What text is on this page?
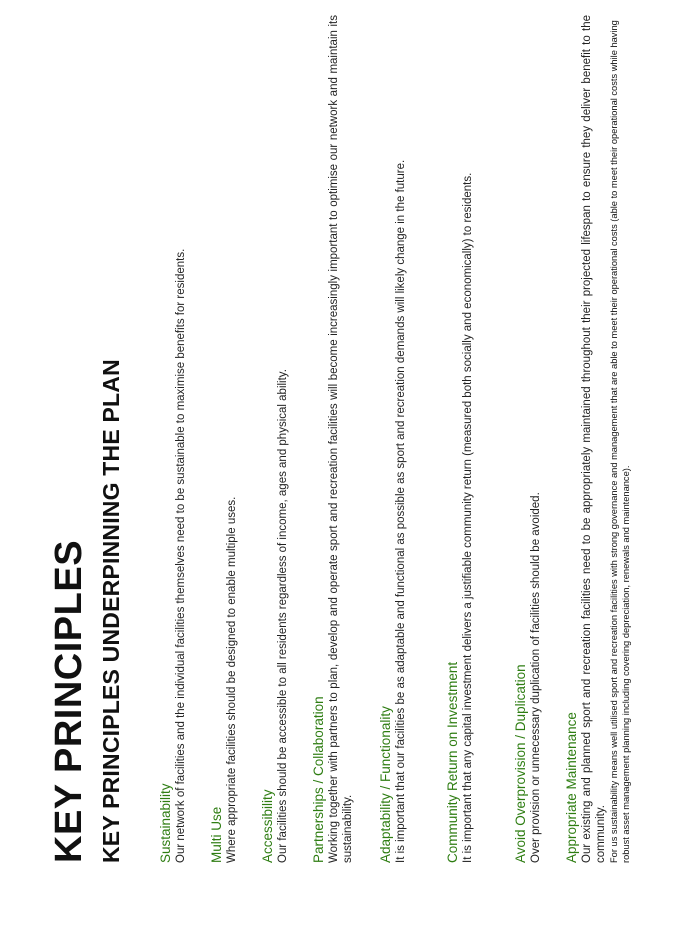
KEY PRINCIPLES KEY PRINCIPLES UNDERPINNING THE PLAN	Sustainability Our network of facilities and the individual facilities themselves need to be sustainable to maximise benefits for residents. Multi Use Where appropriate facilities should be designed to enable multiple uses. Accessibility Our facilities should be accessible to all residents regardless of income, ages and physical ability. Partnerships / Collaboration Working together with partners to plan, develop and operate sport and recreation facilities will become increasingly important to optimise our network and maintain its sustainability. Adaptability / Functionality It is important that our facilities be as adaptable and functional as possible as sport and recreation demands will likely change in the future.	Community Return on Investment It is important that any capital investment delivers a justifiable community return (measured both socially and economically) to residents.	Avoid Overprovision / Duplication Over provision or unnecessary duplication of facilities should be avoided. Appropriate Maintenance Our existing and planned sport and recreation facilities need to be appropriately maintained throughout their projected lifespan to ensure they deliver benefit to the community. For us sustainability means well utilised sport and recreation facilities with strong governance and management that are able to meet their operational costs (able to meet their operational costs while having robust asset management planning including covering depreciation, renewals and maintenance).
